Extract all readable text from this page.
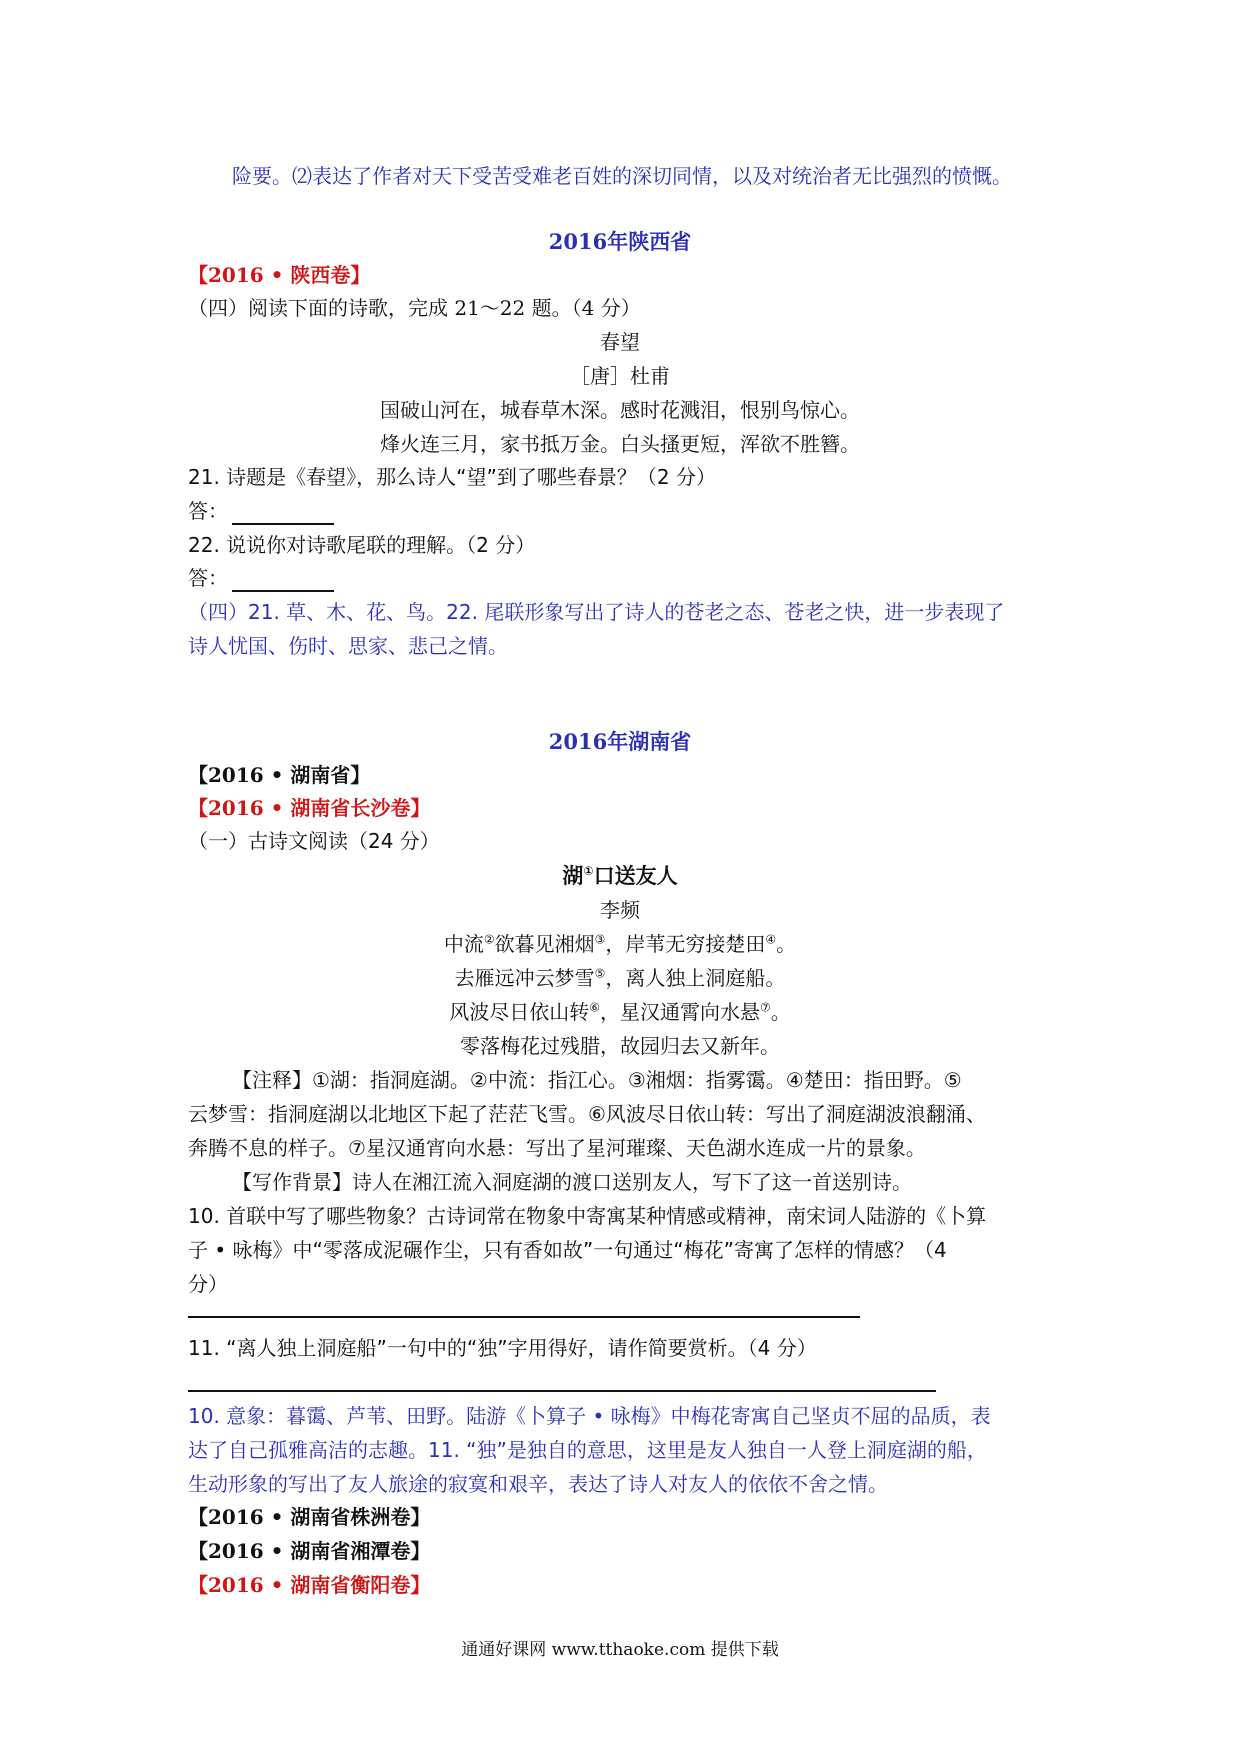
险要。⑵表达了作者对天下受苦受难老百姓的深切同情，以及对统治者无比强烈的愤慨。
2016年陕西省
【2016 • 陕西卷】
（四）阅读下面的诗歌，完成 21～22 题。（4 分）
春望
［唐］杜甫
国破山河在，城春草木深。感时花溅泪，恨别鸟惊心。
烽火连三月，家书抵万金。白头搔更短，浑欲不胜簪。
21. 诗题是《春望》，那么诗人“望”到了哪些春景？（2 分）
答：
22. 说说你对诗歌尾联的理解。（2 分）
答：
（四）21. 草、木、花、鸟。22. 尾联形象写出了诗人的苍老之态、苍老之快，进一步表现了
诗人忧国、伤时、思家、悲己之情。
2016年湖南省
【2016 • 湖南省】
【2016 • 湖南省长沙卷】
（一）古诗文阅读（24 分）
湖①口送友人
李频
中流②欲暮见湘烟③，岸苇无穷接楚田④。
去雁远冲云梦雪⑤，离人独上洞庭船。
风波尽日依山转⑥，星汉通霄向水悬⑦。
零落梅花过残腊，故园归去又新年。
【注释】①湖：指洞庭湖。②中流：指江心。③湘烟：指雾霭。④楚田：指田野。⑤
云梦雪：指洞庭湖以北地区下起了茫茫飞雪。⑥风波尽日依山转：写出了洞庭湖波浪翻涌、
奔腾不息的样子。⑦星汉通宵向水悬：写出了星河璀璨、天色湖水连成一片的景象。
【写作背景】诗人在湘江流入洞庭湖的渡口送别友人，写下了这一首送别诗。
10. 首联中写了哪些物象？古诗词常在物象中寄寓某种情感或精神，南宋词人陆游的《卜算
子 • 咏梅》中“零落成泥碾作尘，只有香如故”一句通过“梅花”寄寓了怎样的情感？（4
分）
11. “离人独上洞庭船”一句中的“独”字用得好，请作简要赏析。（4 分）
10. 意象：暮霭、芦苇、田野。陆游《卜算子 • 咏梅》中梅花寄寓自己坚贞不屈的品质，表
达了自己孤雅高洁的志趣。11. “独”是独自的意思，这里是友人独自一人登上洞庭湖的船，
生动形象的写出了友人旅途的寂寞和艰辛，表达了诗人对友人的依依不舍之情。
【2016 • 湖南省株洲卷】
【2016 • 湖南省湘潭卷】
【2016 • 湖南省衡阳卷】
通通好课网 www.tthaoke.com 提供下载
